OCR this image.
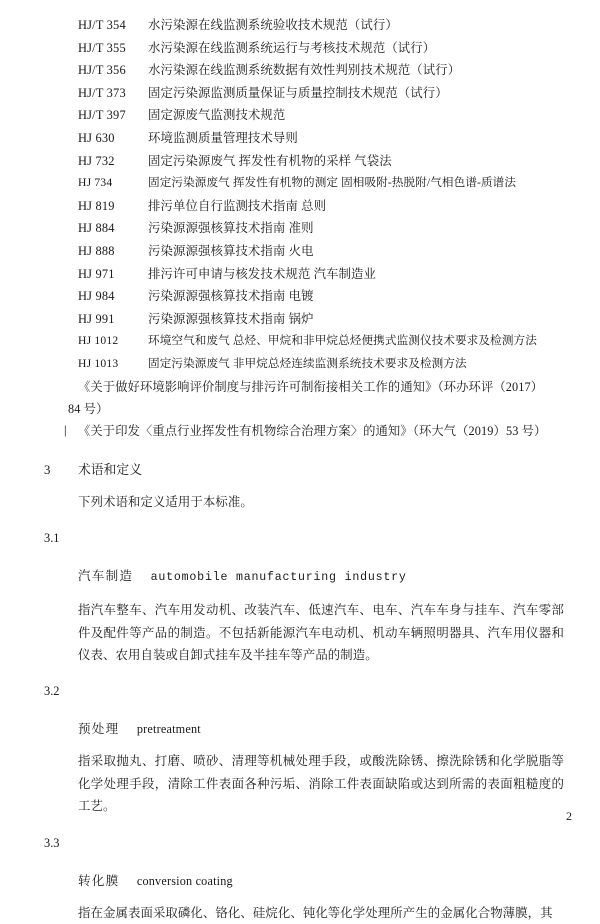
HJ/T 354	水污染源在线监测系统验收技术规范（试行）
HJ/T 355	水污染源在线监测系统运行与考核技术规范（试行）
HJ/T 356	水污染源在线监测系统数据有效性判别技术规范（试行）
HJ/T 373	固定污染源监测质量保证与质量控制技术规范（试行）
HJ/T 397	固定源废气监测技术规范
HJ 630	环境监测质量管理技术导则
HJ 732	固定污染源废气 挥发性有机物的采样 气袋法
HJ 734	固定污染源废气 挥发性有机物的测定 固相吸附-热脱附/气相色谱-质谱法
HJ 819	排污单位自行监测技术指南 总则
HJ 884	污染源源强核算技术指南 准则
HJ 888	污染源源强核算技术指南 火电
HJ 971	排污许可申请与核发技术规范 汽车制造业
HJ 984	污染源源强核算技术指南 电镀
HJ 991	污染源源强核算技术指南 锅炉
HJ 1012	环境空气和废气 总烃、甲烷和非甲烷总烃便携式监测仪技术要求及检测方法
HJ 1013	固定污染源废气 非甲烷总烃连续监测系统技术要求及检测方法
《关于做好环境影响评价制度与排污许可制衔接相关工作的通知》（环办环评（2017）
84 号）
| 《关于印发〈重点行业挥发性有机物综合治理方案〉的通知》（环大气（2019）53 号）
3	术语和定义
下列术语和定义适用于本标准。
3.1
汽车制造 automobile manufacturing industry
指汽车整车、汽车用发动机、改装汽车、低速汽车、电车、汽车车身与挂车、汽车零部件及配件等产品的制造。不包括新能源汽车电动机、机动车辆照明器具、汽车用仪器和仪表、农用自装或自卸式挂车及半挂车等产品的制造。
3.2
预处理 pretreatment
指采取抛丸、打磨、喷砂、清理等机械处理手段，或酸洗除锈、擦洗除锈和化学脱脂等化学处理手段，清除工件表面各种污垢、消除工件表面缺陷或达到所需的表面粗糙度的工艺。
3.3
转化膜 conversion coating
指在金属表面采取磷化、铬化、硅烷化、钝化等化学处理所产生的金属化合物薄膜，其
2
